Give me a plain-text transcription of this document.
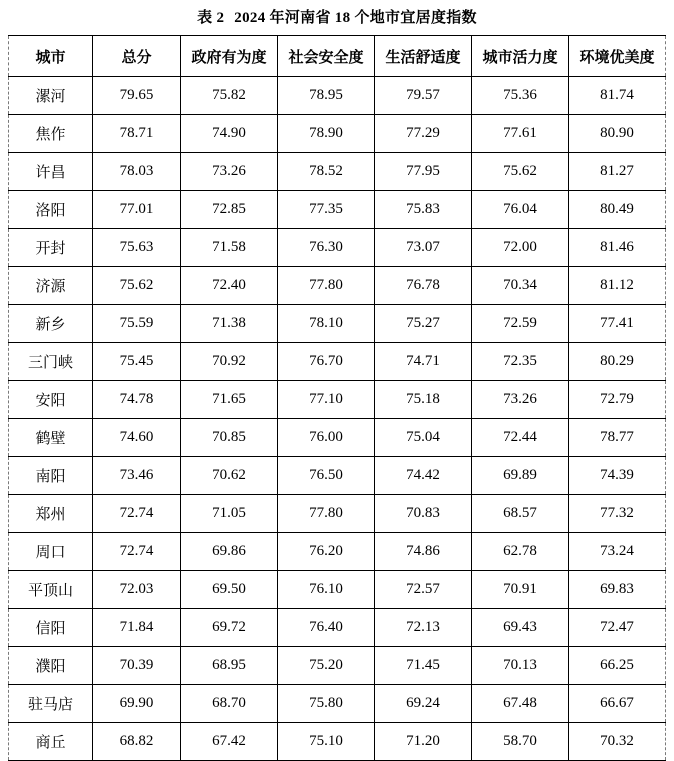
表 2 2024 年河南省 18 个地市宜居度指数
城市	总分	政府有为度	社会安全度	生活舒适度	城市活力度	环境优美度
漯河	79.65	75.82	78.95	79.57	75.36	81.74
焦作	78.71	74.90	78.90	77.29	77.61	80.90
许昌	78.03	73.26	78.52	77.95	75.62	81.27
洛阳	77.01	72.85	77.35	75.83	76.04	80.49
开封	75.63	71.58	76.30	73.07	72.00	81.46
济源	75.62	72.40	77.80	76.78	70.34	81.12
新乡	75.59	71.38	78.10	75.27	72.59	77.41
三门峡	75.45	70.92	76.70	74.71	72.35	80.29
安阳	74.78	71.65	77.10	75.18	73.26	72.79
鹤壁	74.60	70.85	76.00	75.04	72.44	78.77
南阳	73.46	70.62	76.50	74.42	69.89	74.39
郑州	72.74	71.05	77.80	70.83	68.57	77.32
周口	72.74	69.86	76.20	74.86	62.78	73.24
平顶山	72.03	69.50	76.10	72.57	70.91	69.83
信阳	71.84	69.72	76.40	72.13	69.43	72.47
濮阳	70.39	68.95	75.20	71.45	70.13	66.25
驻马店	69.90	68.70	75.80	69.24	67.48	66.67
商丘	68.82	67.42	75.10	71.20	58.70	70.32
